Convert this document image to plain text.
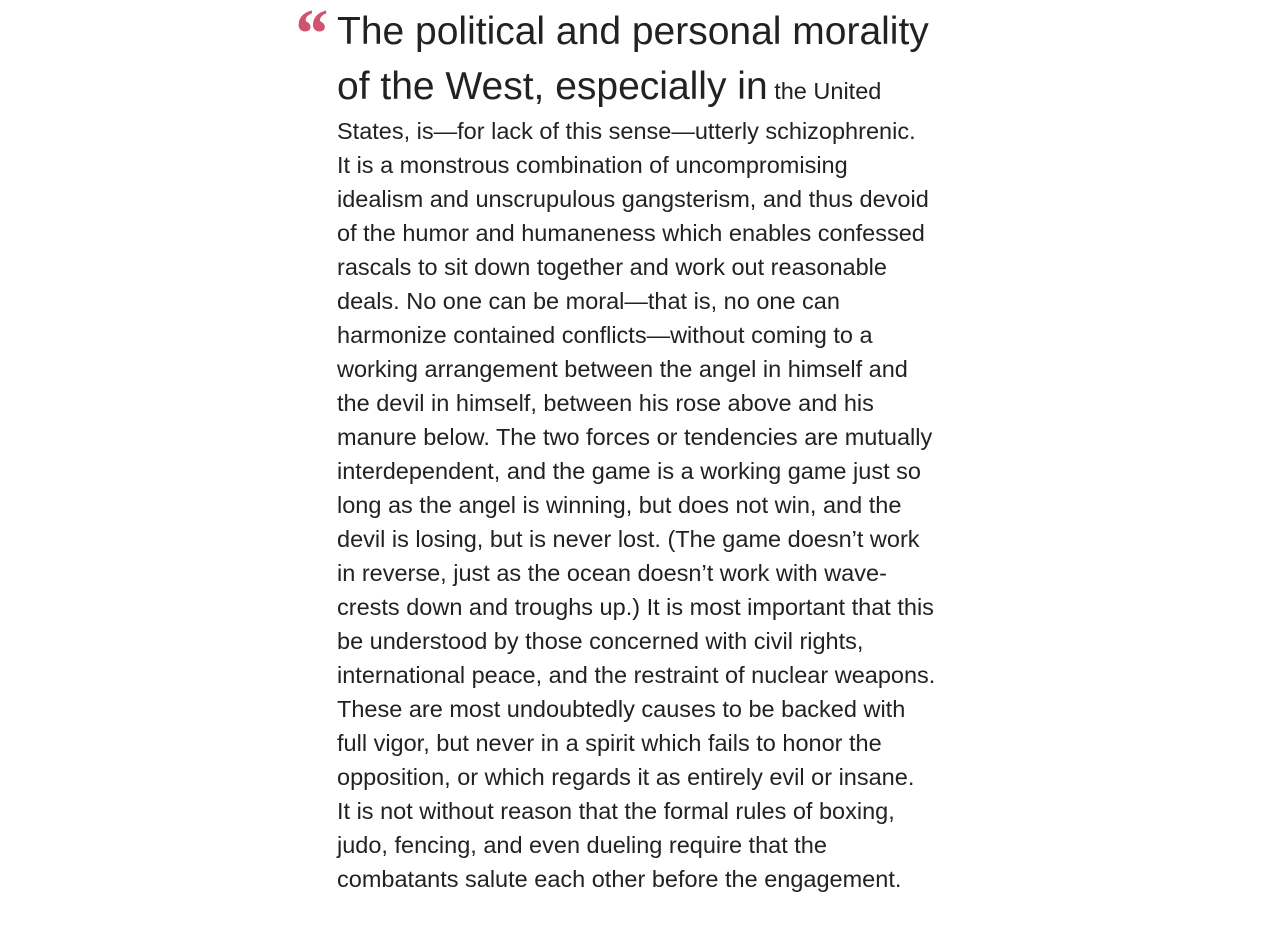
“ The political and personal morality
of the West, especially in the United
States, is—for lack of this sense—utterly schizophrenic.
It is a monstrous combination of uncompromising
idealism and unscrupulous gangsterism, and thus devoid
of the humor and humaneness which enables confessed
rascals to sit down together and work out reasonable
deals. No one can be moral—that is, no one can
harmonize contained conflicts—without coming to a
working arrangement between the angel in himself and
the devil in himself, between his rose above and his
manure below. The two forces or tendencies are mutually
interdependent, and the game is a working game just so
long as the angel is winning, but does not win, and the
devil is losing, but is never lost. (The game doesn’t work
in reverse, just as the ocean doesn’t work with wave-
crests down and troughs up.) It is most important that this
be understood by those concerned with civil rights,
international peace, and the restraint of nuclear weapons.
These are most undoubtedly causes to be backed with
full vigor, but never in a spirit which fails to honor the
opposition, or which regards it as entirely evil or insane.
It is not without reason that the formal rules of boxing,
judo, fencing, and even dueling require that the
combatants salute each other before the engagement.
